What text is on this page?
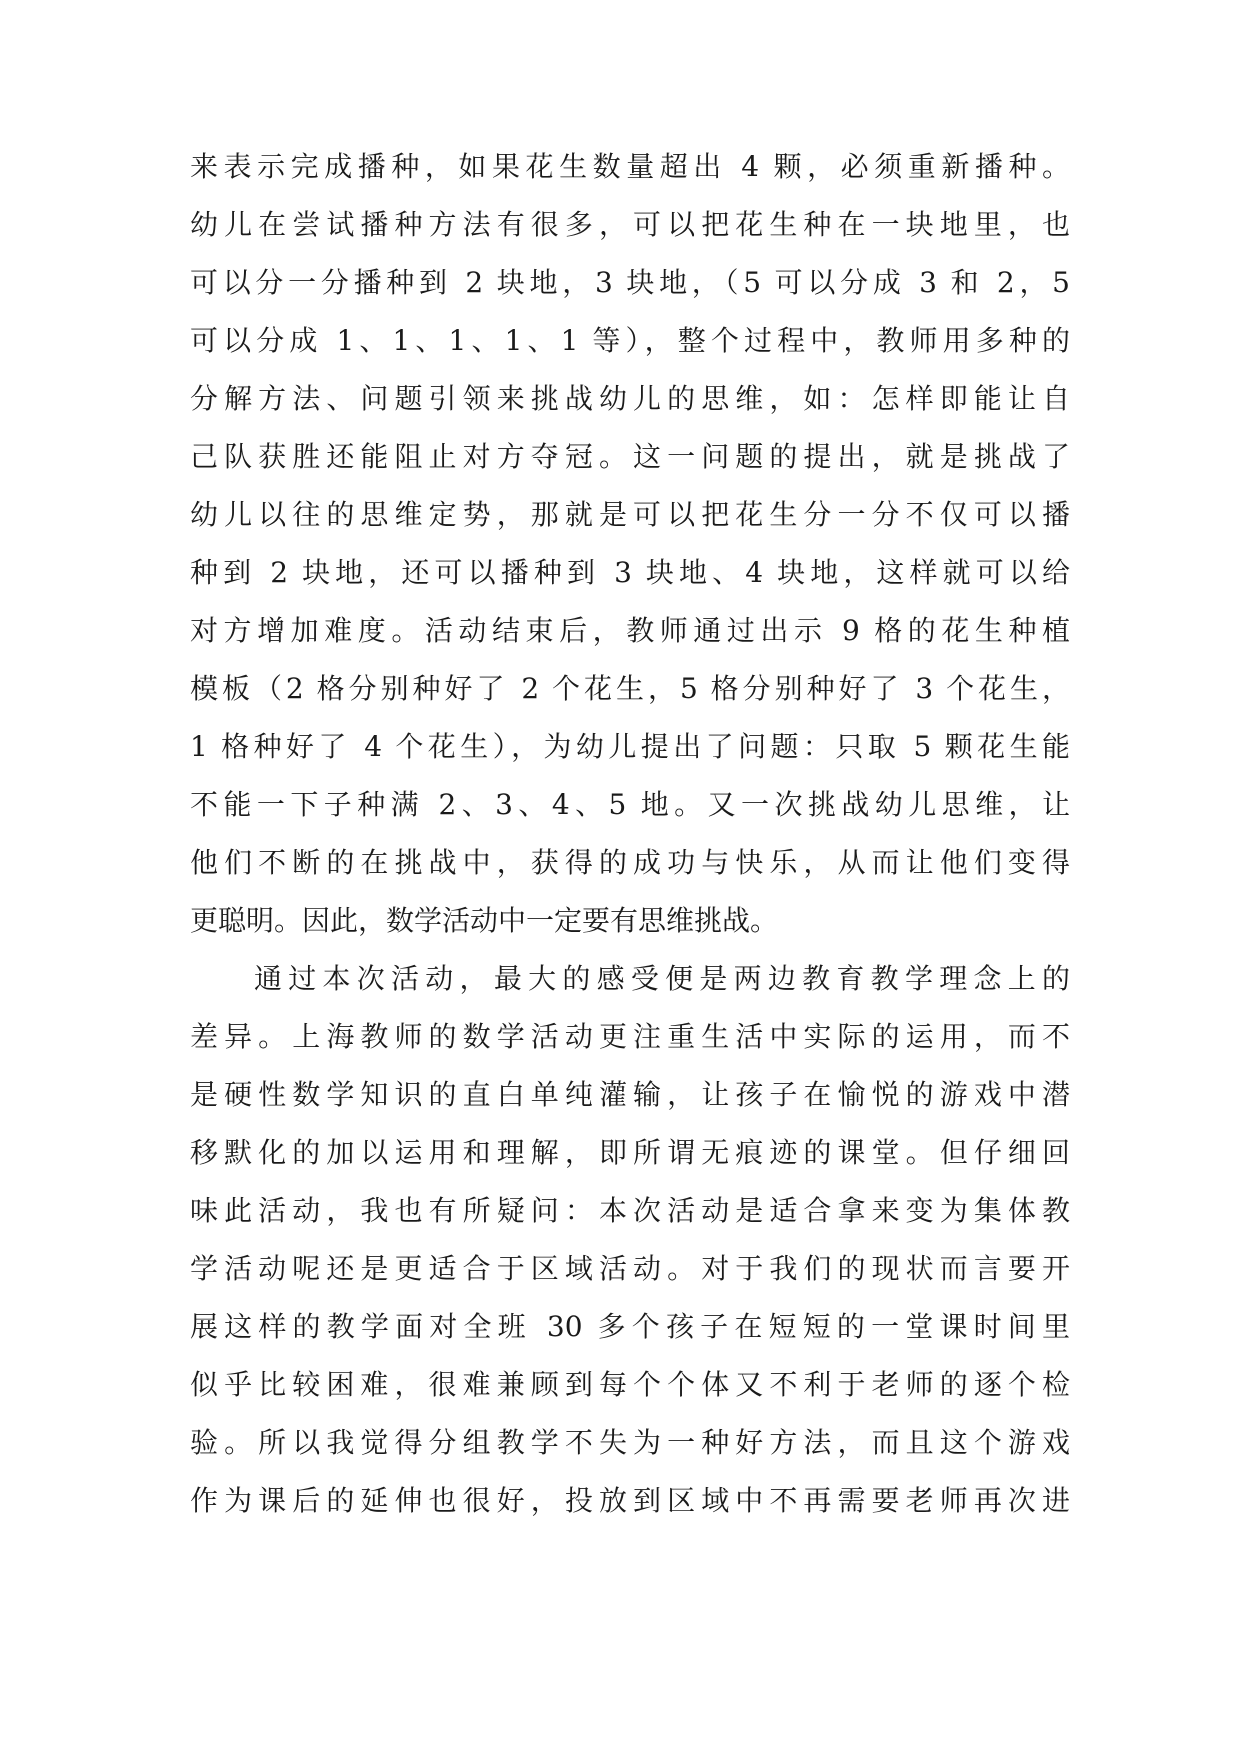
来表示完成播种，如果花生数量超出 4 颗，必须重新播种。
幼儿在尝试播种方法有很多，可以把花生种在一块地里，也
可以分一分播种到 2 块地，3 块地，（5 可以分成 3 和 2，5
可以分成 1、1、1、1、1 等），整个过程中，教师用多种的
分解方法、问题引领来挑战幼儿的思维，如：怎样即能让自
己队获胜还能阻止对方夺冠。这一问题的提出，就是挑战了
幼儿以往的思维定势，那就是可以把花生分一分不仅可以播
种到 2 块地，还可以播种到 3 块地、4 块地，这样就可以给
对方增加难度。活动结束后，教师通过出示 9 格的花生种植
模板（2 格分别种好了 2 个花生，5 格分别种好了 3 个花生，
1 格种好了 4 个花生），为幼儿提出了问题：只取 5 颗花生能
不能一下子种满 2、3、4、5 地。又一次挑战幼儿思维，让
他们不断的在挑战中，获得的成功与快乐，从而让他们变得
更聪明。因此，数学活动中一定要有思维挑战。
通过本次活动，最大的感受便是两边教育教学理念上的
差异。上海教师的数学活动更注重生活中实际的运用，而不
是硬性数学知识的直白单纯灌输，让孩子在愉悦的游戏中潜
移默化的加以运用和理解，即所谓无痕迹的课堂。但仔细回
味此活动，我也有所疑问：本次活动是适合拿来变为集体教
学活动呢还是更适合于区域活动。对于我们的现状而言要开
展这样的教学面对全班 30 多个孩子在短短的一堂课时间里
似乎比较困难，很难兼顾到每个个体又不利于老师的逐个检
验。所以我觉得分组教学不失为一种好方法，而且这个游戏
作为课后的延伸也很好，投放到区域中不再需要老师再次进
